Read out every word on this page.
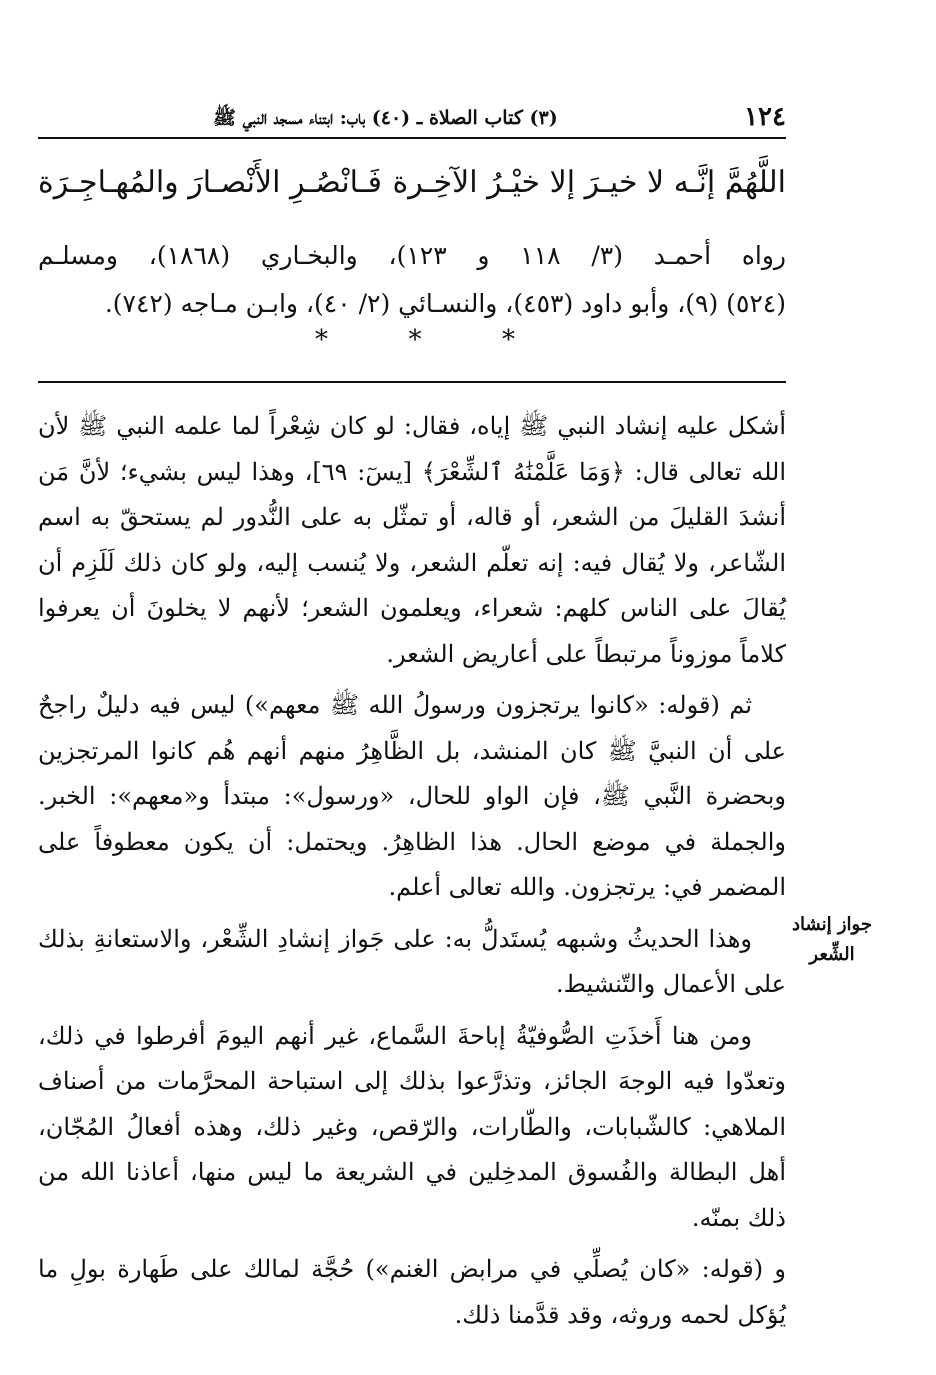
١٢٤
(٣) كتاب الصلاة ـ (٤٠) باب: ابتناء مسجد النبي ﷺ
اللَّهُمَّ إنَّـه لا خيـرَ إلا خيْـرُ الآخِـرة
فَـانْصُـرِ الأَنْصـارَ والمُهـاجِـرَة
رواه أحمـد (٣/ ١١٨ و ١٢٣)، والبخـاري (١٨٦٨)، ومسلـم
(٥٢٤) (٩)، وأبو داود (٤٥٣)، والنسـائي (٢/ ٤٠)، وابـن مـاجه (٧٤٢).
*	*	*

أشكل عليه إنشاد النبي ﷺ إياه، فقال: لو كان شِعْراً لما علمه النبي ﷺ لأن الله تعالى قال: ﴿وَمَا عَلَّمْنَٰهُ ٱلشِّعْرَ﴾ [يسٓ: ٦٩]، وهذا ليس بشيء؛ لأنَّ مَن أنشدَ القليلَ من الشعر، أو قاله، أو تمثّل به على النُّدور لم يستحقّ به اسم الشّاعر، ولا يُقال فيه: إنه تعلّم الشعر، ولا يُنسب إليه، ولو كان ذلك لَلَزِم أن يُقالَ على الناس كلهم: شعراء، ويعلمون الشعر؛ لأنهم لا يخلونَ أن يعرفوا كلاماً موزوناً مرتبطاً على أعاريض الشعر.

ثم (قوله: «كانوا يرتجزون ورسولُ الله ﷺ معهم») ليس فيه دليلٌ راجحٌ على أن النبيَّ ﷺ كان المنشد، بل الظَّاهِرُ منهم أنهم هُم كانوا المرتجزين وبحضرة النَّبي ﷺ، فإن الواو للحال، «ورسول»: مبتدأ و«معهم»: الخبر. والجملة في موضع الحال. هذا الظاهِرُ. ويحتمل: أن يكون معطوفاً على المضمر في: يرتجزون. والله تعالى أعلم.

وهذا الحديثُ وشبهه يُستَدلُّ به: على جَواز إنشادِ الشِّعْر، والاستعانةِ بذلك على الأعمال والتّنشيط.

ومن هنا أَخذَتِ الصُّوفيّةُ إباحةَ السَّماع، غير أنهم اليومَ أفرطوا في ذلك، وتعدّوا فيه الوجهَ الجائز، وتذرَّعوا بذلك إلى استباحة المحرَّمات من أصناف الملاهي: كالشّبابات، والطّارات، والرّقص، وغير ذلك، وهذه أفعالُ المُجّان، أهل البطالة والفُسوق المدخِلين في الشريعة ما ليس منها، أعاذنا الله من ذلك بمنّه.

و (قوله: «كان يُصلِّي في مرابض الغنم») حُجَّة لمالك على طَهارة بولِ ما يُؤكل لحمه وروثه، وقد قدَّمنا ذلك.

جواز إنشاد الشِّعر
